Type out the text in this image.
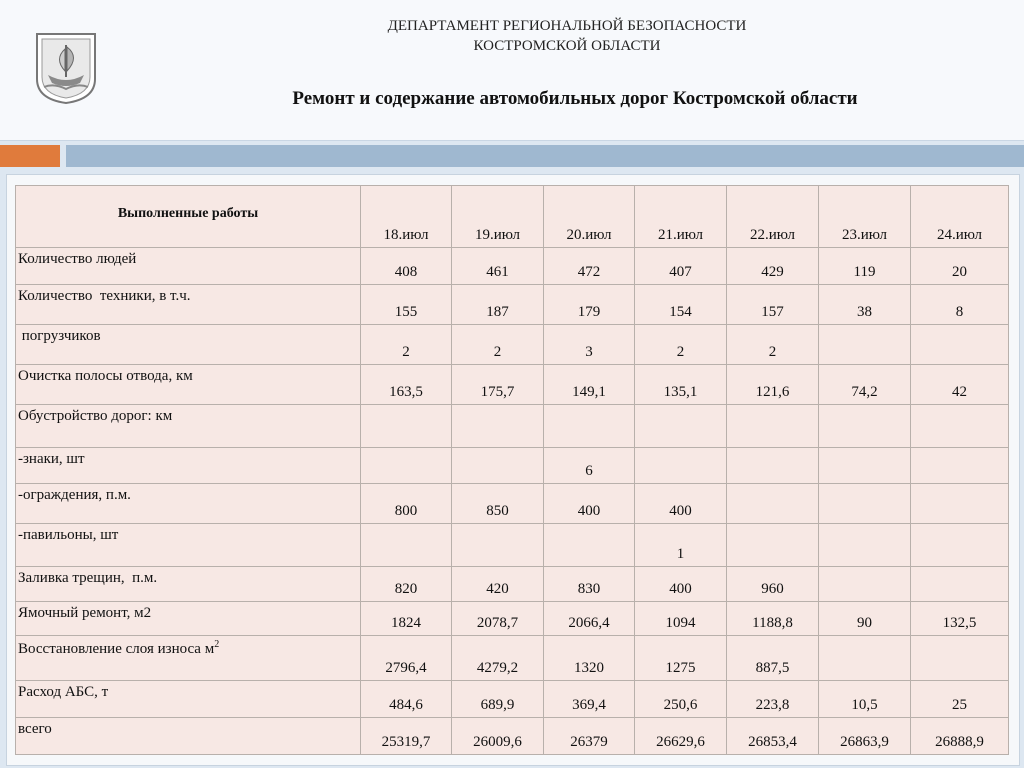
ДЕПАРТАМЕНТ РЕГИОНАЛЬНОЙ БЕЗОПАСНОСТИ
КОСТРОМСКОЙ ОБЛАСТИ
Ремонт и содержание автомобильных дорог Костромской области
Выполненные работы	18.июл	19.июл	20.июл	21.июл	22.июл	23.июл	24.июл
Количество людей	408	461	472	407	429	119	20
Количество  техники, в т.ч.	155	187	179	154	157	38	8
погрузчиков	2	2	3	2	2		
Очистка полосы отвода, км	163,5	175,7	149,1	135,1	121,6	74,2	42
Обустройство дорог: км							
-знаки, шт			6				
-ограждения, п.м.	800	850	400	400			
-павильоны, шт				1			
Заливка трещин,  п.м.	820	420	830	400	960		
Ямочный ремонт, м2	1824	2078,7	2066,4	1094	1188,8	90	132,5
Восстановление слоя износа $м^2$	2796,4	4279,2	1320	1275	887,5		
Расход АБС, т	484,6	689,9	369,4	250,6	223,8	10,5	25
всего	25319,7	26009,6	26379	26629,6	26853,4	26863,9	26888,9
